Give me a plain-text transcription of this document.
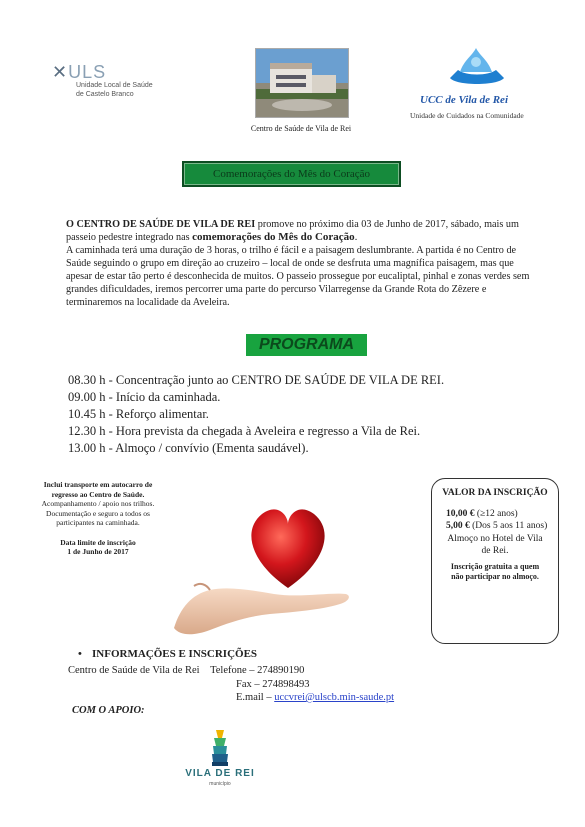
✕ULS
Unidade Local de Saúde
de Castelo Branco
Centro de Saúde de Vila de Rei
UCC de Vila de Rei
Unidade de Cuidados na Comunidade
Comemorações do Mês do Coração
O CENTRO DE SAÚDE DE VILA DE REI promove no próximo dia 03 de Junho de 2017, sábado, mais um passeio pedestre integrado nas comemorações do Mês do Coração.
A caminhada terá uma duração de 3 horas, o trilho é fácil e a paisagem deslumbrante. A partida é no Centro de Saúde seguindo o grupo em direção ao cruzeiro – local de onde se desfruta uma magnífica paisagem, mas que apesar de estar tão perto é desconhecida de muitos. O passeio prossegue por eucaliptal, pinhal e zonas verdes sem grandes dificuldades, iremos percorrer uma parte do percurso Vilarregense da Grande Rota do Zêzere e terminaremos na localidade da Aveleira.
PROGRAMA
08.30 h - Concentração junto ao CENTRO DE SAÚDE DE VILA DE REI.
09.00 h - Início da caminhada.
10.45 h - Reforço alimentar.
12.30 h - Hora prevista da chegada à Aveleira e regresso a Vila de Rei.
13.00 h - Almoço / convívio (Ementa saudável).
Inclui transporte em autocarro de regresso ao Centro de Saúde.
Acompanhamento / apoio nos trilhos.
Documentação e seguro a todos os participantes na caminhada.
Data limite de inscrição
1 de Junho de 2017
VALOR DA INSCRIÇÃO
10,00 € (≥12 anos)
5,00 € (Dos 5 aos 11 anos)
Almoço no Hotel de Vila de Rei.
Inscrição gratuita a quem não participar no almoço.
• INFORMAÇÕES E INSCRIÇÕES
Centro de Saúde de Vila de Rei Telefone – 274890190
Fax – 274898493
E.mail – uccvrei@ulscb.min-saude.pt
COM O APOIO:
VILA DE REI
município
